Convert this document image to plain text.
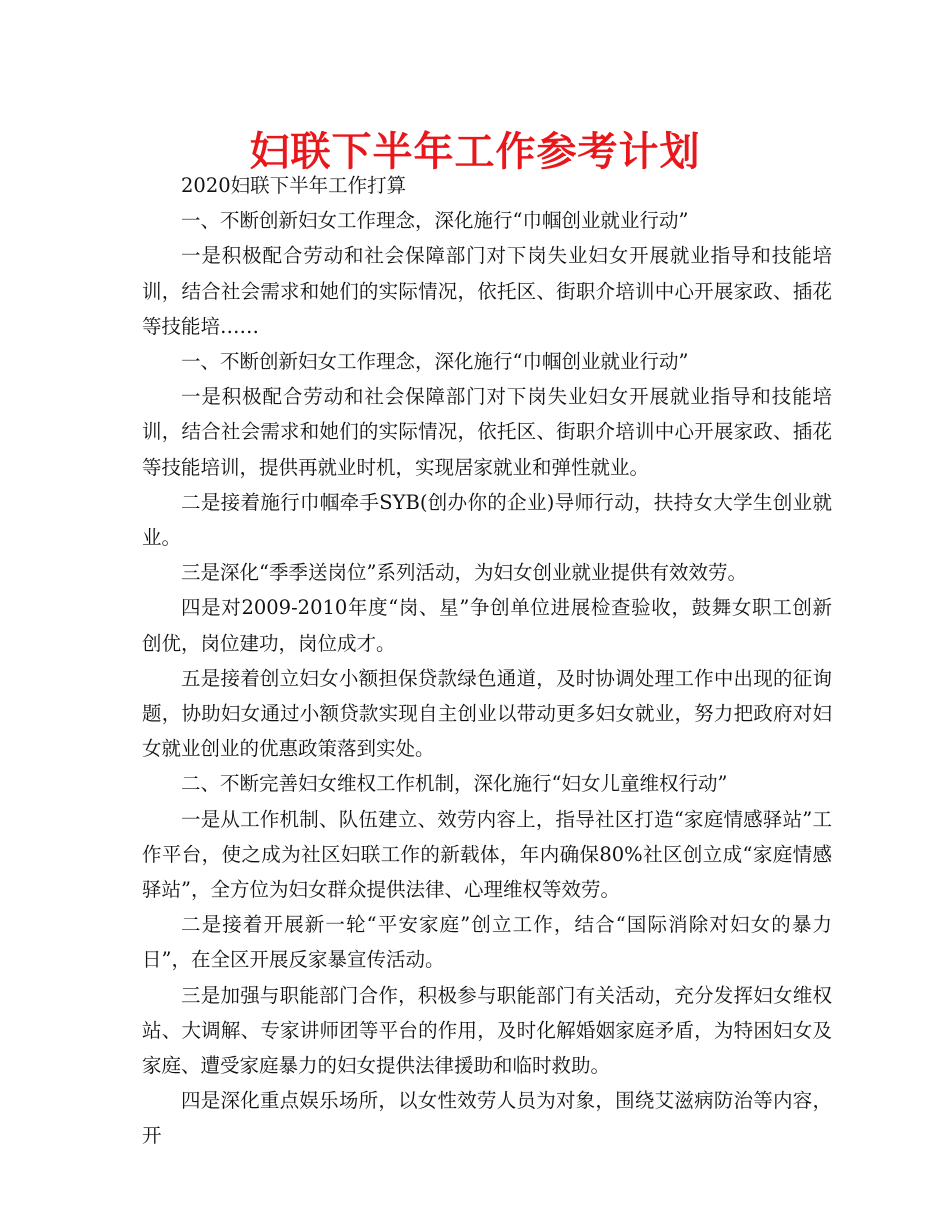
妇联下半年工作参考计划

2020妇联下半年工作打算

一、不断创新妇女工作理念，深化施行“巾帼创业就业行动”

一是积极配合劳动和社会保障部门对下岗失业妇女开展就业指导和技能培训，结合社会需求和她们的实际情况，依托区、街职介培训中心开展家政、插花等技能培……

一、不断创新妇女工作理念，深化施行“巾帼创业就业行动”

一是积极配合劳动和社会保障部门对下岗失业妇女开展就业指导和技能培训，结合社会需求和她们的实际情况，依托区、街职介培训中心开展家政、插花等技能培训，提供再就业时机，实现居家就业和弹性就业。

二是接着施行巾帼牵手SYB(创办你的企业)导师行动，扶持女大学生创业就业。

三是深化“季季送岗位”系列活动，为妇女创业就业提供有效效劳。

四是对2009-2010年度“岗、星”争创单位进展检查验收，鼓舞女职工创新创优，岗位建功，岗位成才。

五是接着创立妇女小额担保贷款绿色通道，及时协调处理工作中出现的征询题，协助妇女通过小额贷款实现自主创业以带动更多妇女就业，努力把政府对妇女就业创业的优惠政策落到实处。

二、不断完善妇女维权工作机制，深化施行“妇女儿童维权行动”

一是从工作机制、队伍建立、效劳内容上，指导社区打造“家庭情感驿站”工作平台，使之成为社区妇联工作的新载体，年内确保80%社区创立成“家庭情感驿站”，全方位为妇女群众提供法律、心理维权等效劳。

二是接着开展新一轮“平安家庭”创立工作，结合“国际消除对妇女的暴力日”，在全区开展反家暴宣传活动。

三是加强与职能部门合作，积极参与职能部门有关活动，充分发挥妇女维权站、大调解、专家讲师团等平台的作用，及时化解婚姻家庭矛盾，为特困妇女及家庭、遭受家庭暴力的妇女提供法律援助和临时救助。

四是深化重点娱乐场所，以女性效劳人员为对象，围绕艾滋病防治等内容，开
